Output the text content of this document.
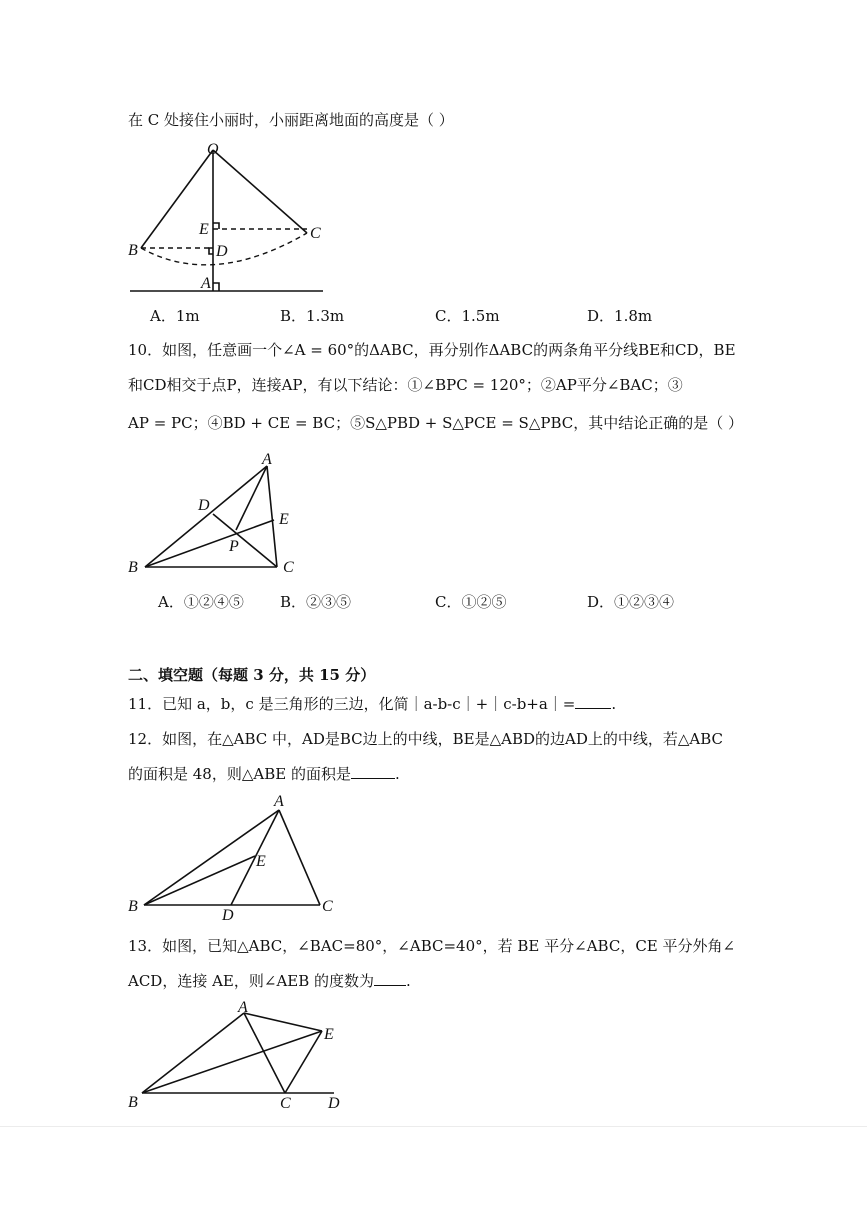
在 C 处接住小丽时，小丽距离地面的高度是（ ）
O
E	C
B	D
A
A．1m	B．1.3m	C．1.5m	D．1.8m
10．如图，任意画一个∠A = 60°的ΔABC，再分别作ΔABC的两条角平分线BE和CD，BE
和CD相交于点P，连接AP，有以下结论：①∠BPC = 120°；②AP平分∠BAC；③
AP = PC；④BD + CE = BC；⑤S△PBD + S△PCE = S△PBC，其中结论正确的是（ ）
A
D
E
P
B	C
A．①②④⑤ B．②③⑤	C．①②⑤	D．①②③④
二、填空题（每题 3 分，共 15 分）
11．已知 a，b，c 是三角形的三边，化简｜a-b-c｜+｜c-b+a｜= .
12．如图，在△ABC 中，AD是BC边上的中线，BE是△ABD的边AD上的中线，若△ABC
的面积是 48，则△ABE 的面积是	.
A
E
B
D
C
13．如图，已知△ABC，∠BAC=80°，∠ABC=40°，若 BE 平分∠ABC，CE 平分外角∠
ACD，连接 AE，则∠AEB 的度数为 .
A
E
B	C D
